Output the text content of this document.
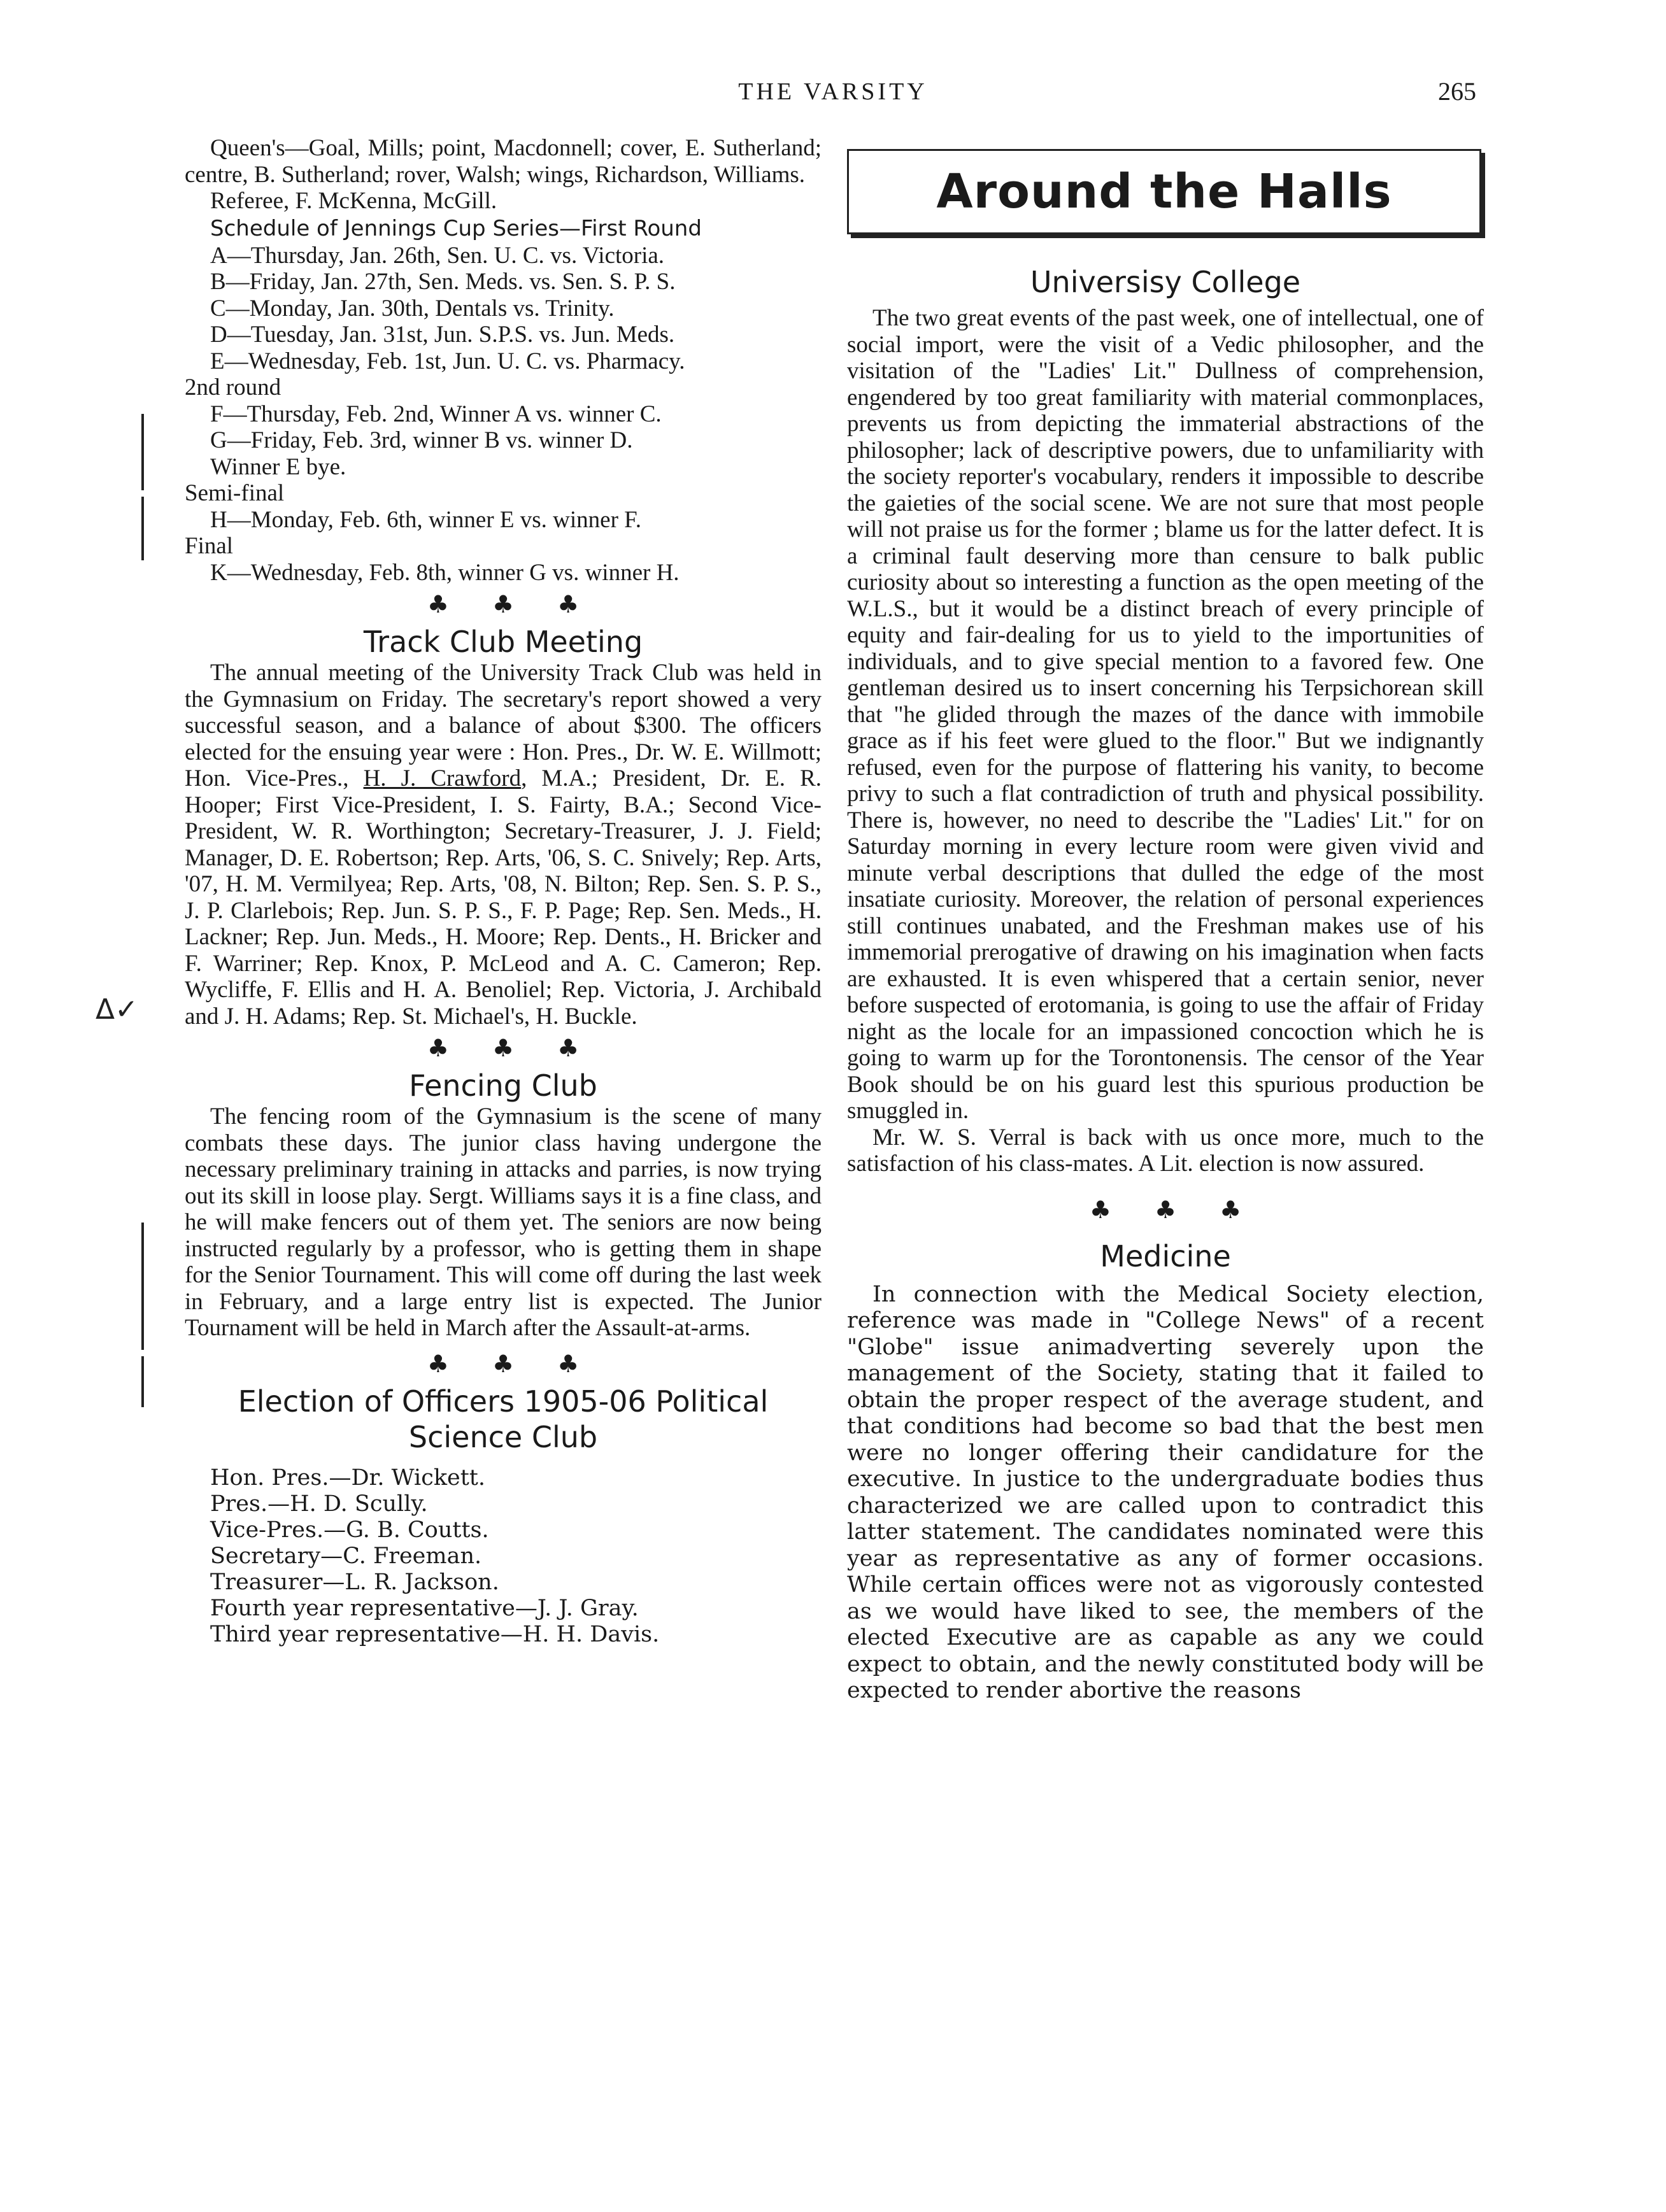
THE VARSITY	265
Δ✓

Queen's—Goal, Mills; point, Macdonnell; cover, E. Sutherland; centre, B. Sutherland; rover, Walsh; wings, Richardson, Williams.

Referee, F. McKenna, McGill.

Schedule of Jennings Cup Series—First Round

A—Thursday, Jan. 26th, Sen. U. C. vs. Victoria.

B—Friday, Jan. 27th, Sen. Meds. vs. Sen. S. P. S.

C—Monday, Jan. 30th, Dentals vs. Trinity.

D—Tuesday, Jan. 31st, Jun. S.P.S. vs. Jun. Meds.

E—Wednesday, Feb. 1st, Jun. U. C. vs. Pharmacy.

2nd round

F—Thursday, Feb. 2nd, Winner A vs. winner C.

G—Friday, Feb. 3rd, winner B vs. winner D.

Winner E bye.

Semi-final

H—Monday, Feb. 6th, winner E vs. winner F.

Final

K—Wednesday, Feb. 8th, winner G vs. winner H.

♣ ♣ ♣
Track Club Meeting

The annual meeting of the University Track Club was held in the Gymnasium on Friday. The secretary's report showed a very successful season, and a balance of about $300. The officers elected for the ensuing year were : Hon. Pres., Dr. W. E. Willmott; Hon. Vice-Pres., H. J. Crawford, M.A.; President, Dr. E. R. Hooper; First Vice-President, I. S. Fairty, B.A.; Second Vice-President, W. R. Worthington; Secretary-Treasurer, J. J. Field; Manager, D. E. Robertson; Rep. Arts, '06, S. C. Snively; Rep. Arts, '07, H. M. Vermilyea; Rep. Arts, '08, N. Bilton; Rep. Sen. S. P. S., J. P. Clarlebois; Rep. Jun. S. P. S., F. P. Page; Rep. Sen. Meds., H. Lackner; Rep. Jun. Meds., H. Moore; Rep. Dents., H. Bricker and F. Warriner; Rep. Knox, P. McLeod and A. C. Cameron; Rep. Wycliffe, F. Ellis and H. A. Benoliel; Rep. Victoria, J. Archibald and J. H. Adams; Rep. St. Michael's, H. Buckle.

♣ ♣ ♣
Fencing Club

The fencing room of the Gymnasium is the scene of many combats these days. The junior class having undergone the necessary preliminary training in attacks and parries, is now trying out its skill in loose play. Sergt. Williams says it is a fine class, and he will make fencers out of them yet. The seniors are now being instructed regularly by a professor, who is getting them in shape for the Senior Tournament. This will come off during the last week in February, and a large entry list is expected. The Junior Tournament will be held in March after the Assault-at-arms.

♣ ♣ ♣
Election of Officers 1905-06 Political Science Club
Hon. Pres.—Dr. Wickett.
Pres.—H. D. Scully.
Vice-Pres.—G. B. Coutts.
Secretary—C. Freeman.
Treasurer—L. R. Jackson.
Fourth year representative—J. J. Gray.
Third year representative—H. H. Davis.
Around the Halls
Universisy College

The two great events of the past week, one of intellectual, one of social import, were the visit of a Vedic philosopher, and the visitation of the "Ladies' Lit." Dullness of comprehension, engendered by too great familiarity with material commonplaces, prevents us from depicting the immaterial abstractions of the philosopher; lack of descriptive powers, due to unfamiliarity with the society reporter's vocabulary, renders it impossible to describe the gaieties of the social scene. We are not sure that most people will not praise us for the former ; blame us for the latter defect. It is a criminal fault deserving more than censure to balk public curiosity about so interesting a function as the open meeting of the W.L.S., but it would be a distinct breach of every principle of equity and fair-dealing for us to yield to the importunities of individuals, and to give special mention to a favored few. One gentleman desired us to insert concerning his Terpsichorean skill that "he glided through the mazes of the dance with immobile grace as if his feet were glued to the floor." But we indignantly refused, even for the purpose of flattering his vanity, to become privy to such a flat contradiction of truth and physical possibility. There is, however, no need to describe the "Ladies' Lit." for on Saturday morning in every lecture room were given vivid and minute verbal descriptions that dulled the edge of the most insatiate curiosity. Moreover, the relation of personal experiences still continues unabated, and the Freshman makes use of his immemorial prerogative of drawing on his imagination when facts are exhausted. It is even whispered that a certain senior, never before suspected of erotomania, is going to use the affair of Friday night as the locale for an impassioned concoction which he is going to warm up for the Torontonensis. The censor of the Year Book should be on his guard lest this spurious production be smuggled in.

Mr. W. S. Verral is back with us once more, much to the satisfaction of his class-mates. A Lit. election is now assured.

♣ ♣ ♣
Medicine

In connection with the Medical Society election, reference was made in "College News" of a recent "Globe" issue animadverting severely upon the management of the Society, stating that it failed to obtain the proper respect of the average student, and that conditions had become so bad that the best men were no longer offering their candidature for the executive. In justice to the undergraduate bodies thus characterized we are called upon to contradict this latter statement. The candidates nominated were this year as representative as any of former occasions. While certain offices were not as vigorously contested as we would have liked to see, the members of the elected Executive are as capable as any we could expect to obtain, and the newly constituted body will be expected to render abortive the reasons
